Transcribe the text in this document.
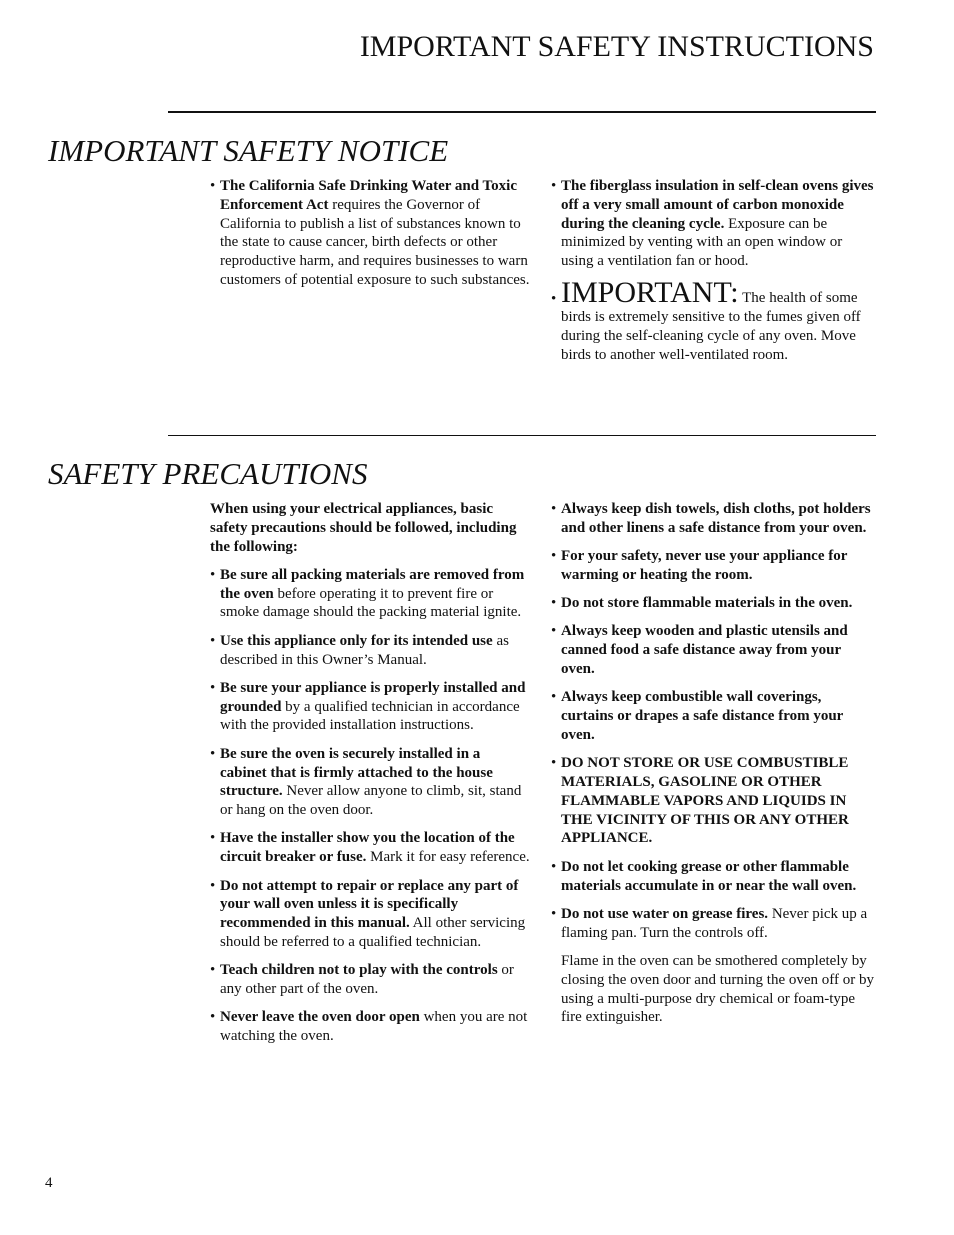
IMPORTANT SAFETY INSTRUCTIONS
IMPORTANT SAFETY NOTICE

• The California Safe Drinking Water and Toxic Enforcement Act requires the Governor of California to publish a list of substances known to the state to cause cancer, birth defects or other reproductive harm, and requires businesses to warn customers of potential exposure to such substances.

• The fiberglass insulation in self-clean ovens gives off a very small amount of carbon monoxide during the cleaning cycle. Exposure can be minimized by venting with an open window or using a ventilation fan or hood.

• IMPORTANT: The health of some birds is extremely sensitive to the fumes given off during the self-cleaning cycle of any oven. Move birds to another well-ventilated room.

SAFETY PRECAUTIONS

When using your electrical appliances, basic safety precautions should be followed, including the following:

• Be sure all packing materials are removed from the oven before operating it to prevent fire or smoke damage should the packing material ignite.

• Use this appliance only for its intended use as described in this Owner’s Manual.

• Be sure your appliance is properly installed and grounded by a qualified technician in accordance with the provided installation instructions.

• Be sure the oven is securely installed in a cabinet that is firmly attached to the house structure. Never allow anyone to climb, sit, stand or hang on the oven door.

• Have the installer show you the location of the circuit breaker or fuse. Mark it for easy reference.

• Do not attempt to repair or replace any part of your wall oven unless it is specifically recommended in this manual. All other servicing should be referred to a qualified technician.

• Teach children not to play with the controls or any other part of the oven.

• Never leave the oven door open when you are not watching the oven.

• Always keep dish towels, dish cloths, pot holders and other linens a safe distance from your oven.

• For your safety, never use your appliance for warming or heating the room.

• Do not store flammable materials in the oven.

• Always keep wooden and plastic utensils and canned food a safe distance away from your oven.

• Always keep combustible wall coverings, curtains or drapes a safe distance from your oven.

• DO NOT STORE OR USE COMBUSTIBLE MATERIALS, GASOLINE OR OTHER FLAMMABLE VAPORS AND LIQUIDS IN THE VICINITY OF THIS OR ANY OTHER APPLIANCE.

• Do not let cooking grease or other flammable materials accumulate in or near the wall oven.

• Do not use water on grease fires. Never pick up a flaming pan. Turn the controls off.

Flame in the oven can be smothered completely by closing the oven door and turning the oven off or by using a multi-purpose dry chemical or foam-type fire extinguisher.

4
